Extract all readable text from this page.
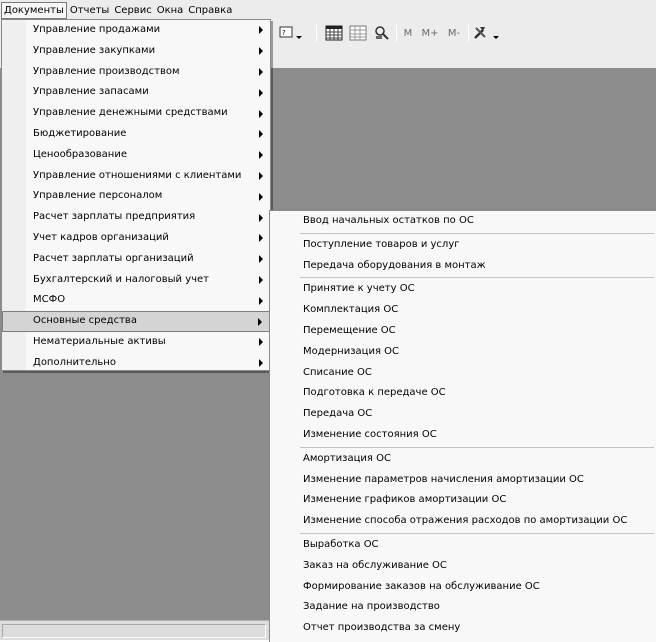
Документы Отчеты Сервис Окна Справка
?	M M+ M-
Управление продажами
Управление закупками
Управление производством
Управление запасами
Управление денежными средствами
Бюджетирование
Ценообразование
Управление отношениями с клиентами
Управление персоналом
Расчет зарплаты предприятия
Учет кадров организаций
Расчет зарплаты организаций
Бухгалтерский и налоговый учет
МСФО
Основные средства
Нематериальные активы
Дополнительно
Ввод начальных остатков по ОС
Поступление товаров и услуг
Передача оборудования в монтаж
Принятие к учету ОС
Комплектация ОС
Перемещение ОС
Модернизация ОС
Списание ОС
Подготовка к передаче ОС
Передача ОС
Изменение состояния ОС
Амортизация ОС
Изменение параметров начисления амортизации ОС
Изменение графиков амортизации ОС
Изменение способа отражения расходов по амортизации ОС
Выработка ОС
Заказ на обслуживание ОС
Формирование заказов на обслуживание ОС
Задание на производство
Отчет производства за смену
